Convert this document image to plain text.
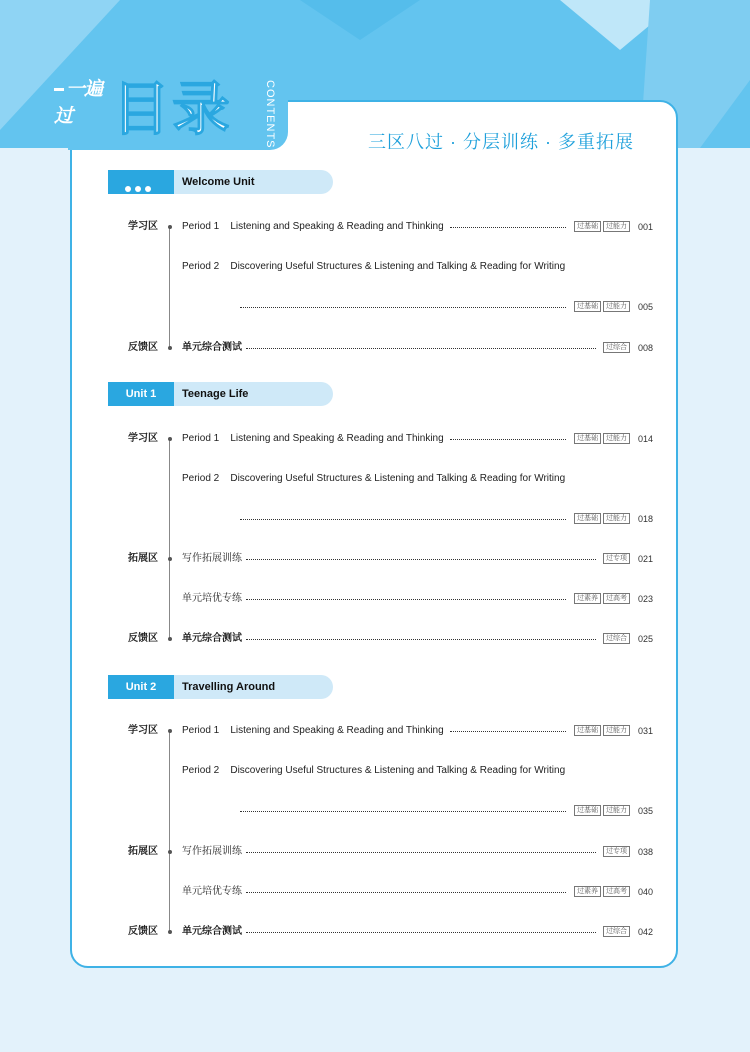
一遍过 目录	CONTENTS	三区八过 · 分层训练 · 多重拓展
Welcome Unit
学习区 Period 1    Listening and Speaking & Reading and Thinking	过基础 过能力	001
Period 2    Discovering Useful Structures & Listening and Talking & Reading for Writing
过基础 过能力	005
反馈区 单元综合测试	过综合	008
Unit 1	Teenage Life
学习区 Period 1    Listening and Speaking & Reading and Thinking	过基础 过能力	014
Period 2    Discovering Useful Structures & Listening and Talking & Reading for Writing
过基础 过能力	018
拓展区 写作拓展训练	过专项	021
单元培优专练	过素养 过高考	023
反馈区 单元综合测试	过综合	025
Unit 2	Travelling Around
学习区 Period 1    Listening and Speaking & Reading and Thinking	过基础 过能力	031
Period 2    Discovering Useful Structures & Listening and Talking & Reading for Writing
过基础 过能力	035
拓展区 写作拓展训练	过专项	038
单元培优专练	过素养 过高考	040
反馈区 单元综合测试	过综合	042
